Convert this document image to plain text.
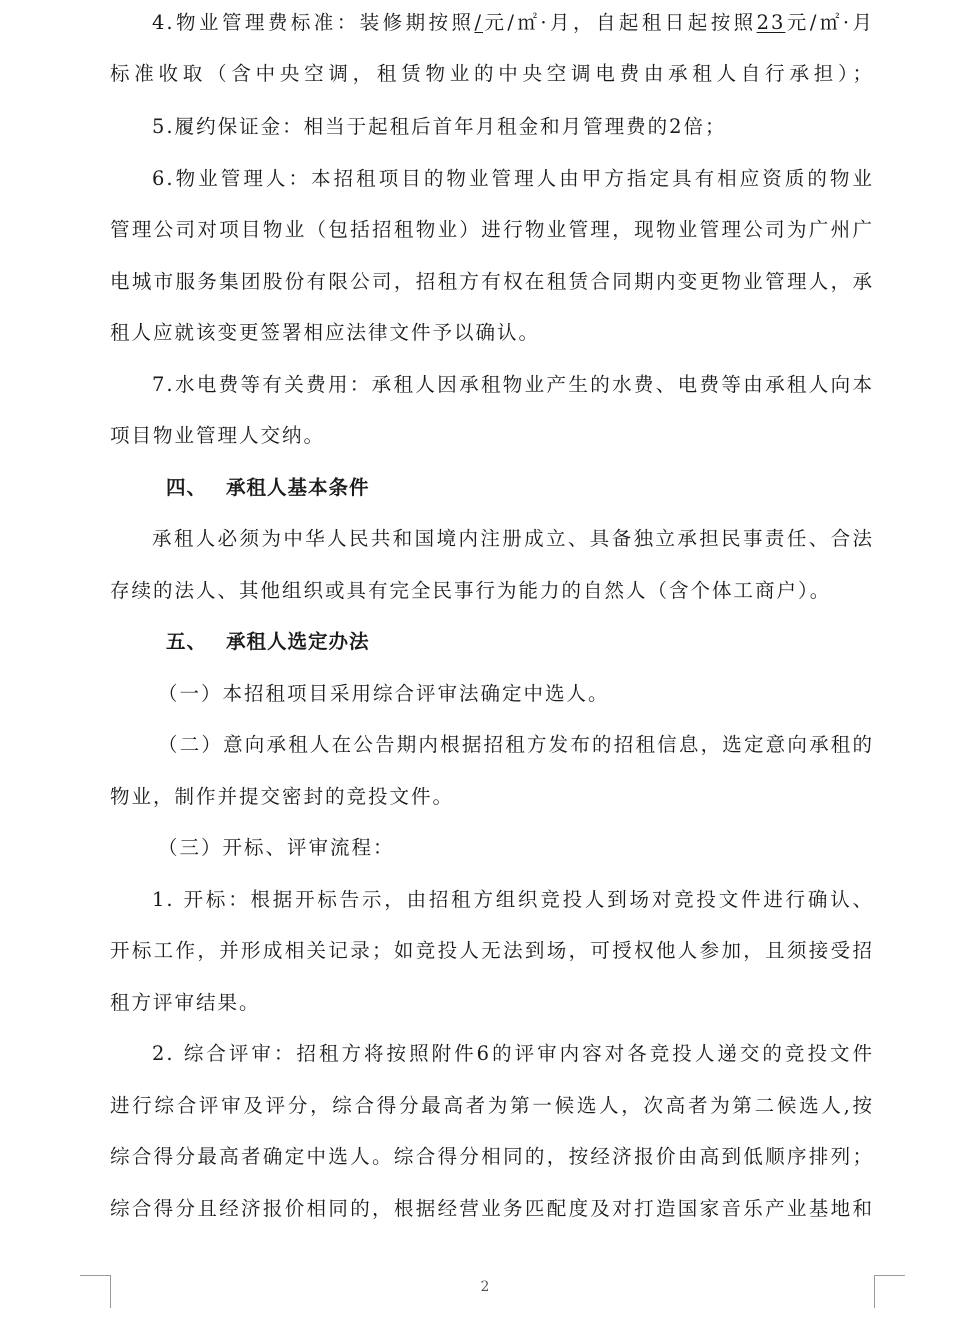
4.物业管理费标准：装修期按照/元/㎡·月，自起租日起按照23元/㎡·月
标准收取（含中央空调，租赁物业的中央空调电费由承租人自行承担）；
5.履约保证金：相当于起租后首年月租金和月管理费的2倍；
6.物业管理人：本招租项目的物业管理人由甲方指定具有相应资质的物业
管理公司对项目物业（包括招租物业）进行物业管理，现物业管理公司为广州广
电城市服务集团股份有限公司，招租方有权在租赁合同期内变更物业管理人，承
租人应就该变更签署相应法律文件予以确认。
7.水电费等有关费用：承租人因承租物业产生的水费、电费等由承租人向本
项目物业管理人交纳。
四、 承租人基本条件
承租人必须为中华人民共和国境内注册成立、具备独立承担民事责任、合法
存续的法人、其他组织或具有完全民事行为能力的自然人（含个体工商户）。
五、 承租人选定办法
（一）本招租项目采用综合评审法确定中选人。
（二）意向承租人在公告期内根据招租方发布的招租信息，选定意向承租的
物业，制作并提交密封的竞投文件。
（三）开标、评审流程：
1. 开标：根据开标告示，由招租方组织竞投人到场对竞投文件进行确认、
开标工作，并形成相关记录；如竞投人无法到场，可授权他人参加，且须接受招
租方评审结果。
2. 综合评审：招租方将按照附件6的评审内容对各竞投人递交的竞投文件
进行综合评审及评分，综合得分最高者为第一候选人，次高者为第二候选人,按
综合得分最高者确定中选人。综合得分相同的，按经济报价由高到低顺序排列；
综合得分且经济报价相同的，根据经营业务匹配度及对打造国家音乐产业基地和
2
